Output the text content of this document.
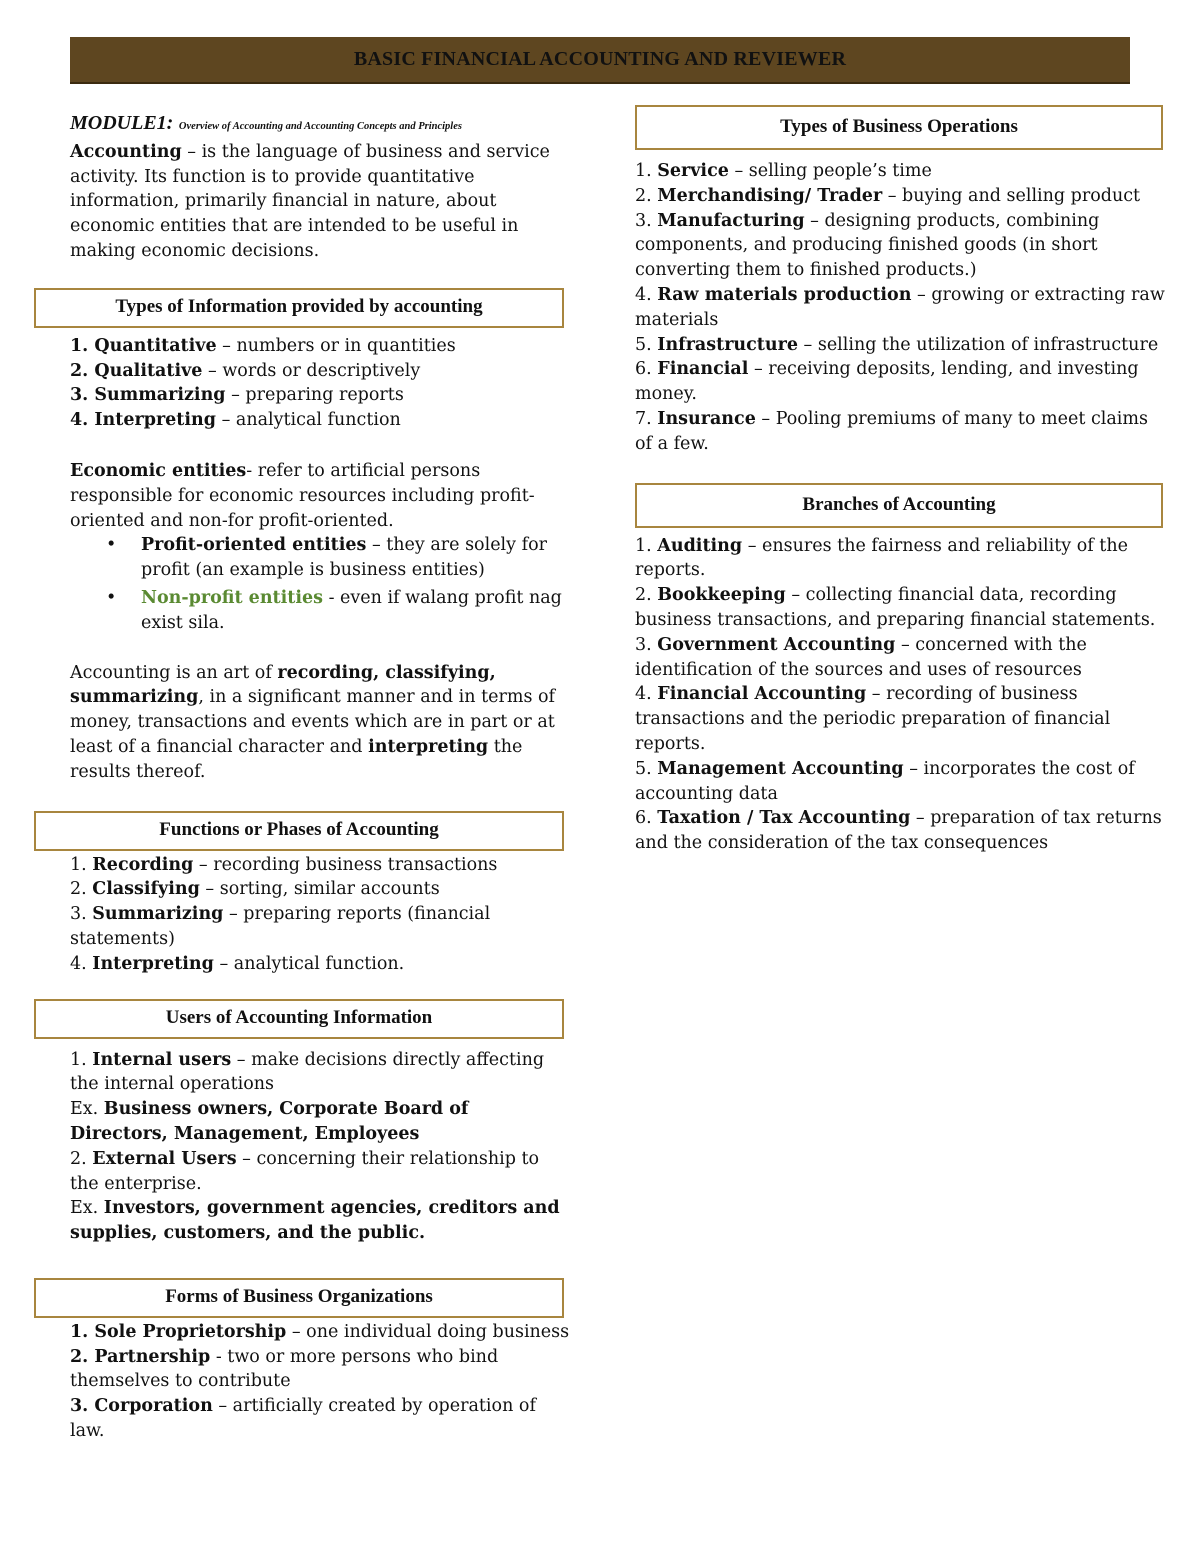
BASIC FINANCIAL ACCOUNTING AND REVIEWER

MODULE1: Overview of Accounting and Accounting Concepts and Principles

Accounting – is the language of business and service activity. Its function is to provide quantitative information, primarily financial in nature, about economic entities that are intended to be useful in making economic decisions.

Types of Information provided by accounting

1. Quantitative – numbers or in quantities

2. Qualitative – words or descriptively

3. Summarizing – preparing reports

4. Interpreting – analytical function

Economic entities- refer to artificial persons responsible for economic resources including profit-oriented and non-for profit-oriented.

• Profit-oriented entities – they are solely for profit (an example is business entities)
• Non-profit entities - even if walang profit nag exist sila.

Accounting is an art of recording, classifying, summarizing, in a significant manner and in terms of money, transactions and events which are in part or at least of a financial character and interpreting the results thereof.

Functions or Phases of Accounting

1. Recording – recording business transactions

2. Classifying – sorting, similar accounts

3. Summarizing – preparing reports (financial statements)

4. Interpreting – analytical function.

Users of Accounting Information

1. Internal users – make decisions directly affecting the internal operations

Ex. Business owners, Corporate Board of Directors, Management, Employees

2. External Users – concerning their relationship to the enterprise.

Ex. Investors, government agencies, creditors and supplies, customers, and the public.

Forms of Business Organizations

1. Sole Proprietorship – one individual doing business

2. Partnership - two or more persons who bind themselves to contribute

3. Corporation – artificially created by operation of law.

Types of Business Operations

1. Service – selling people’s time

2. Merchandising/ Trader – buying and selling product

3. Manufacturing – designing products, combining components, and producing finished goods (in short converting them to finished products.)

4. Raw materials production – growing or extracting raw materials

5. Infrastructure – selling the utilization of infrastructure

6. Financial – receiving deposits, lending, and investing money.

7. Insurance – Pooling premiums of many to meet claims of a few.

Branches of Accounting

1. Auditing – ensures the fairness and reliability of the reports.

2. Bookkeeping – collecting financial data, recording business transactions, and preparing financial statements.

3. Government Accounting – concerned with the identification of the sources and uses of resources

4. Financial Accounting – recording of business transactions and the periodic preparation of financial reports.

5. Management Accounting – incorporates the cost of accounting data

6. Taxation / Tax Accounting – preparation of tax returns and the consideration of the tax consequences
